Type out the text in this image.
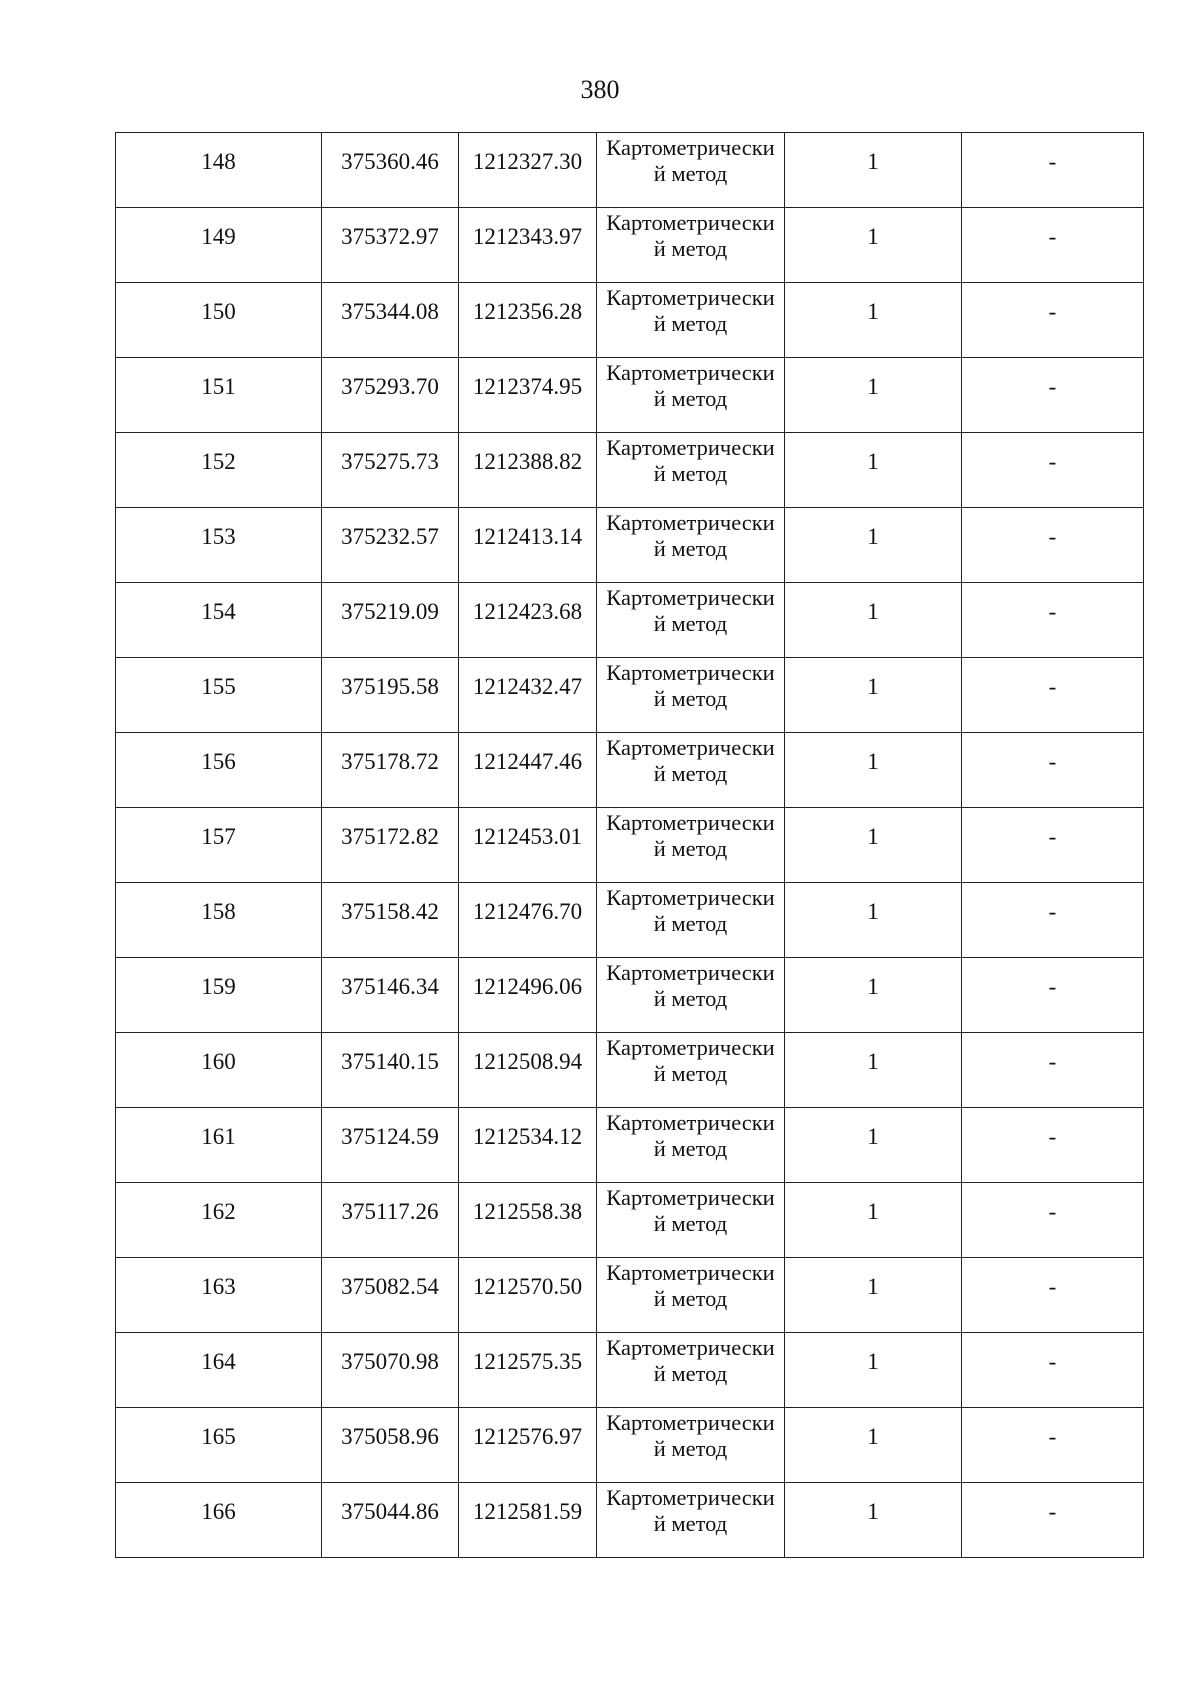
380
148	375360.46	1212327.30	Картометрически
й метод	1	-

149	375372.97	1212343.97	Картометрически
й метод	1	-

150	375344.08	1212356.28	Картометрически
й метод	1	-

151	375293.70	1212374.95	Картометрически
й метод	1	-

152	375275.73	1212388.82	Картометрически
й метод	1	-

153	375232.57	1212413.14	Картометрически
й метод	1	-

154	375219.09	1212423.68	Картометрически
й метод	1	-

155	375195.58	1212432.47	Картометрически
й метод	1	-

156	375178.72	1212447.46	Картометрически
й метод	1	-

157	375172.82	1212453.01	Картометрически
й метод	1	-

158	375158.42	1212476.70	Картометрически
й метод	1	-

159	375146.34	1212496.06	Картометрически
й метод	1	-

160	375140.15	1212508.94	Картометрически
й метод	1	-

161	375124.59	1212534.12	Картометрически
й метод	1	-

162	375117.26	1212558.38	Картометрически
й метод	1	-

163	375082.54	1212570.50	Картометрически
й метод	1	-

164	375070.98	1212575.35	Картометрически
й метод	1	-

165	375058.96	1212576.97	Картометрически
й метод	1	-

166	375044.86	1212581.59	Картометрически
й метод	1	-
